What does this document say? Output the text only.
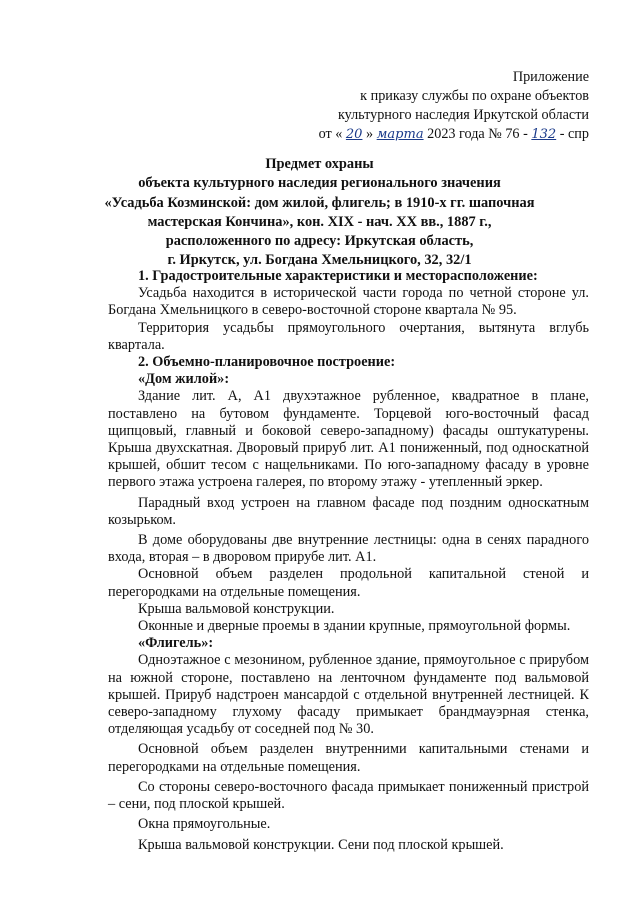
Приложение
к приказу службы по охране объектов
культурного наследия Иркутской области
от « 20 » марта 2023 года № 76 - 132 - спр
Предмет охраны
объекта культурного наследия регионального значения
«Усадьба Козминской: дом жилой, флигель; в 1910-х гг. шапочная
мастерская Кончина», кон. XIX - нач. XX вв., 1887 г.,
расположенного по адресу: Иркутская область,
г. Иркутск, ул. Богдана Хмельницкого, 32, 32/1

1. Градостроительные характеристики и месторасположение:

Усадьба находится в исторической части города по четной стороне ул. Богдана Хмельницкого в северо-восточной стороне квартала № 95.

Территория усадьбы прямоугольного очертания, вытянута вглубь квартала.

2. Объемно-планировочное построение:

«Дом жилой»:

Здание лит. А, А1 двухэтажное рубленное, квадратное в плане, поставлено на бутовом фундаменте. Торцевой юго-восточный фасад щипцовый, главный и боковой северо-западному) фасады оштукатурены. Крыша двухскатная. Дворовый прируб лит. А1 пониженный, под односкатной крышей, обшит тесом с нащельниками. По юго-западному фасаду в уровне первого этажа устроена галерея, по второму этажу - утепленный эркер.

Парадный вход устроен на главном фасаде под поздним односкатным козырьком.

В доме оборудованы две внутренние лестницы: одна в сенях парадного входа, вторая – в дворовом прирубе лит. А1.

Основной объем разделен продольной капитальной стеной и перегородками на отдельные помещения.

Крыша вальмовой конструкции.

Оконные и дверные проемы в здании крупные, прямоугольной формы.

«Флигель»:

Одноэтажное с мезонином, рубленное здание, прямоугольное с прирубом на южной стороне, поставлено на ленточном фундаменте под вальмовой крышей. Прируб надстроен мансардой с отдельной внутренней лестницей. К северо-западному глухому фасаду примыкает брандмауэрная стенка, отделяющая усадьбу от соседней под № 30.

Основной объем разделен внутренними капитальными стенами и перегородками на отдельные помещения.

Со стороны северо-восточного фасада примыкает пониженный пристрой – сени, под плоской крышей.

Окна прямоугольные.

Крыша вальмовой конструкции. Сени под плоской крышей.
